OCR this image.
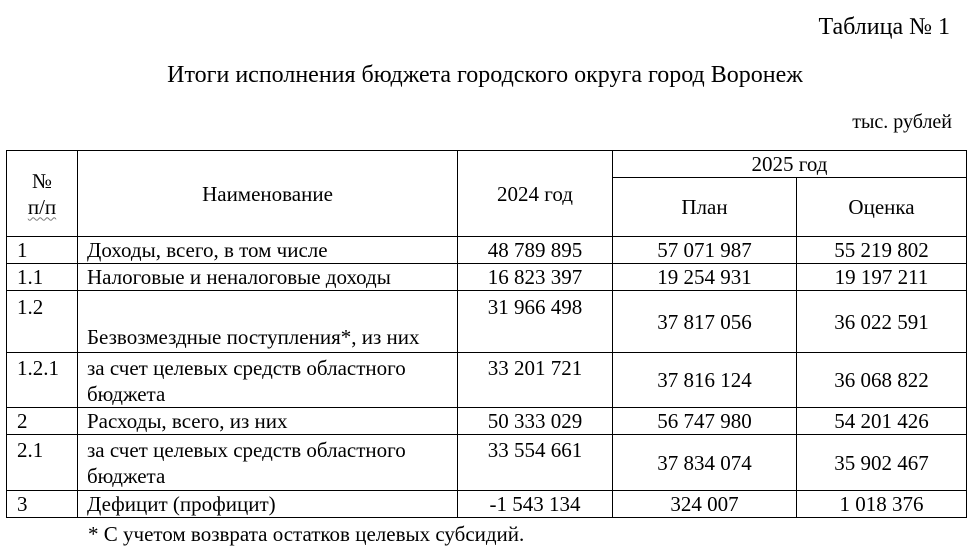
Таблица № 1
Итоги исполнения бюджета городского округа город Воронеж
тыс. рублей
№
п/п	Наименование	2024 год	2025 год	
			План	Оценка
1	Доходы, всего, в том числе	48 789 895	57 071 987	55 219 802
1.1	Налоговые и неналоговые доходы	16 823 397	19 254 931	19 197 211
1.2	Безвозмездные поступления*, из них	31 966 498	37 817 056	36 022 591
1.2.1	за счет целевых средств областного бюджета	33 201 721	37 816 124	36 068 822
2	Расходы, всего, из них	50 333 029	56 747 980	54 201 426
2.1	за счет целевых средств областного бюджета	33 554 661	37 834 074	35 902 467
3	Дефицит (профицит)	-1 543 134	324 007	1 018 376
* С учетом возврата остатков целевых субсидий.
